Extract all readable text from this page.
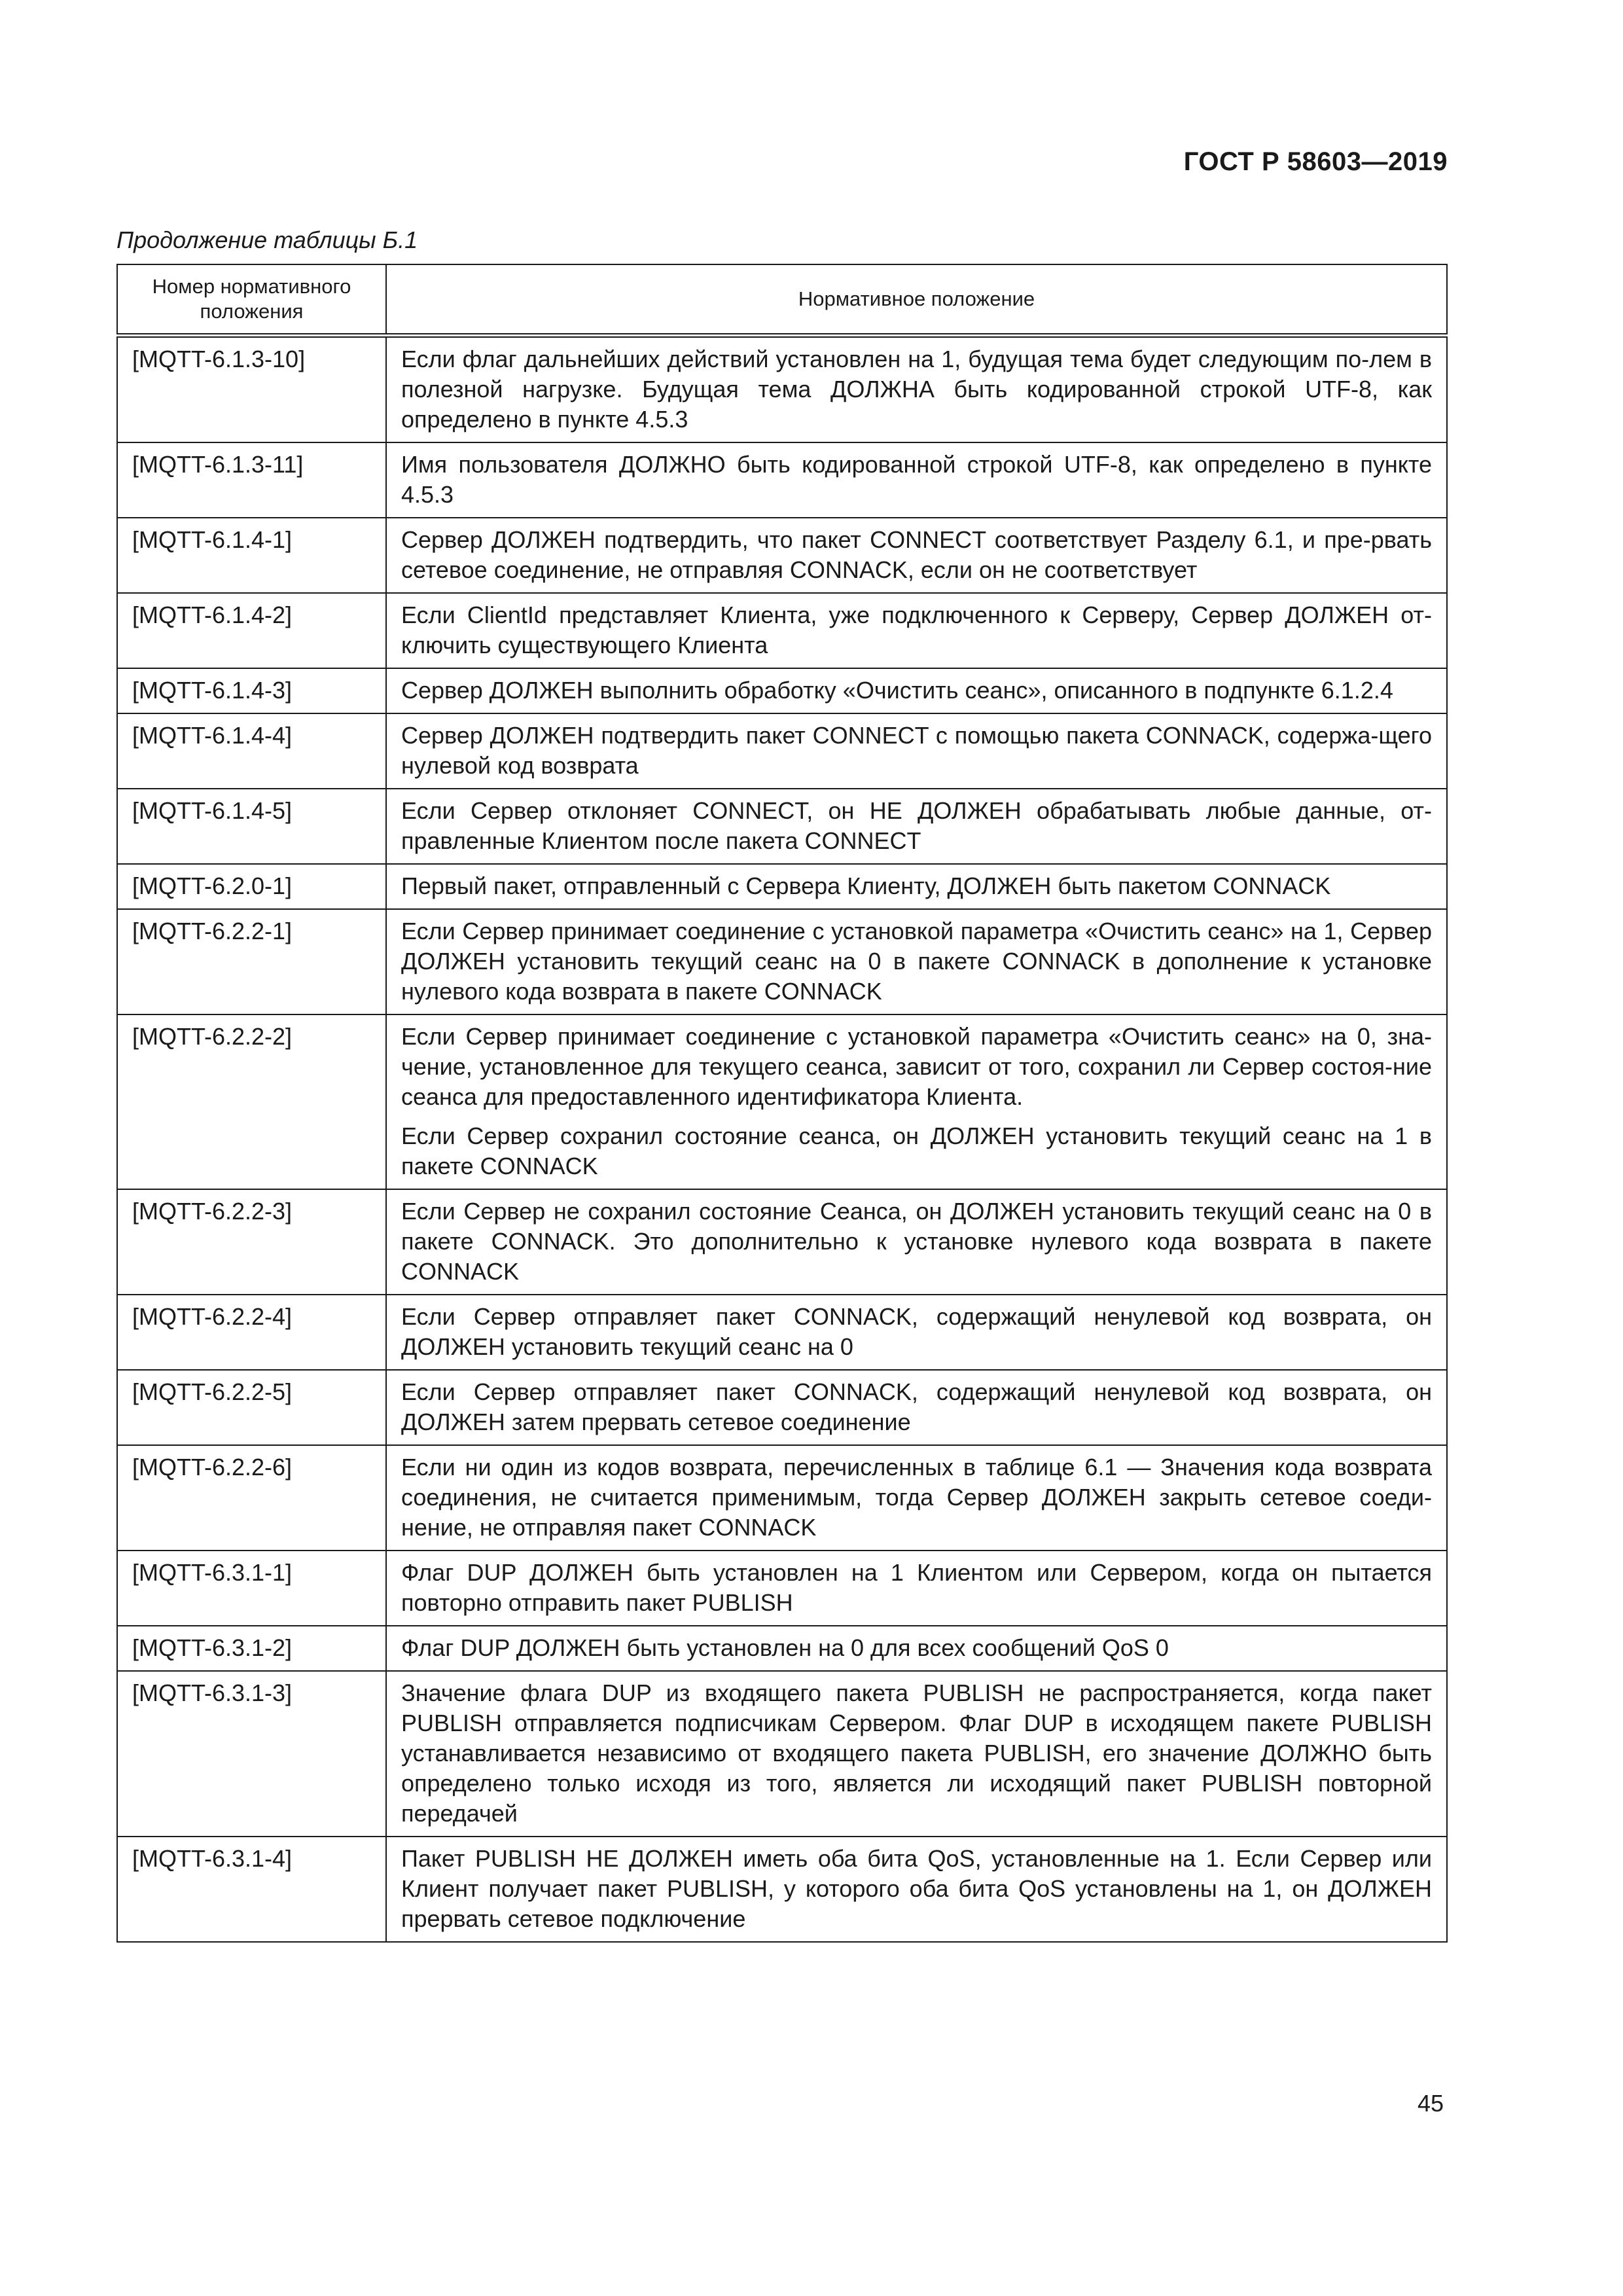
ГОСТ Р 58603—2019
Продолжение таблицы Б.1
Номер нормативного положения	Нормативное положение
[MQTT-6.1.3-10]	Если флаг дальнейших действий установлен на 1, будущая тема будет следующим по-лем в полезной нагрузке. Будущая тема ДОЛЖНА быть кодированной строкой UTF-8, как определено в пункте 4.5.3

[MQTT-6.1.3-11]	Имя пользователя ДОЛЖНО быть кодированной строкой UTF-8, как определено в пункте 4.5.3

[MQTT-6.1.4-1]	Сервер ДОЛЖЕН подтвердить, что пакет CONNECT соответствует Разделу 6.1, и пре-рвать сетевое соединение, не отправляя CONNACK, если он не соответствует

[MQTT-6.1.4-2]	Если ClientId представляет Клиента, уже подключенного к Серверу, Сервер ДОЛЖЕН от-ключить существующего Клиента

[MQTT-6.1.4-3]	Сервер ДОЛЖЕН выполнить обработку «Очистить сеанс», описанного в подпункте 6.1.2.4

[MQTT-6.1.4-4]	Сервер ДОЛЖЕН подтвердить пакет CONNECT с помощью пакета CONNACK, содержа-щего нулевой код возврата

[MQTT-6.1.4-5]	Если Сервер отклоняет CONNECT, он НЕ ДОЛЖЕН обрабатывать любые данные, от-правленные Клиентом после пакета CONNECT

[MQTT-6.2.0-1]	Первый пакет, отправленный с Сервера Клиенту, ДОЛЖЕН быть пакетом CONNACK

[MQTT-6.2.2-1]	Если Сервер принимает соединение с установкой параметра «Очистить сеанс» на 1, Сервер ДОЛЖЕН установить текущий сеанс на 0 в пакете CONNACK в дополнение к установке нулевого кода возврата в пакете CONNACK

[MQTT-6.2.2-2]	Если Сервер принимает соединение с установкой параметра «Очистить сеанс» на 0, зна-чение, установленное для текущего сеанса, зависит от того, сохранил ли Сервер состоя-ние сеанса для предоставленного идентификатора Клиента.

Если Сервер сохранил состояние сеанса, он ДОЛЖЕН установить текущий сеанс на 1 в пакете CONNACK

[MQTT-6.2.2-3]	Если Сервер не сохранил состояние Сеанса, он ДОЛЖЕН установить текущий сеанс на 0 в пакете CONNACK. Это дополнительно к установке нулевого кода возврата в пакете CONNACK

[MQTT-6.2.2-4]	Если Сервер отправляет пакет CONNACK, содержащий ненулевой код возврата, он ДОЛЖЕН установить текущий сеанс на 0

[MQTT-6.2.2-5]	Если Сервер отправляет пакет CONNACK, содержащий ненулевой код возврата, он ДОЛЖЕН затем прервать сетевое соединение

[MQTT-6.2.2-6]	Если ни один из кодов возврата, перечисленных в таблице 6.1 — Значения кода возврата соединения, не считается применимым, тогда Сервер ДОЛЖЕН закрыть сетевое соеди-нение, не отправляя пакет CONNACK

[MQTT-6.3.1-1]	Флаг DUP ДОЛЖЕН быть установлен на 1 Клиентом или Сервером, когда он пытается повторно отправить пакет PUBLISH

[MQTT-6.3.1-2]	Флаг DUP ДОЛЖЕН быть установлен на 0 для всех сообщений QoS 0

[MQTT-6.3.1-3]	Значение флага DUP из входящего пакета PUBLISH не распространяется, когда пакет PUBLISH отправляется подписчикам Сервером. Флаг DUP в исходящем пакете PUBLISH устанавливается независимо от входящего пакета PUBLISH, его значение ДОЛЖНО быть определено только исходя из того, является ли исходящий пакет PUBLISH повторной передачей

[MQTT-6.3.1-4]	Пакет PUBLISH НЕ ДОЛЖЕН иметь оба бита QoS, установленные на 1. Если Сервер или Клиент получает пакет PUBLISH, у которого оба бита QoS установлены на 1, он ДОЛЖЕН прервать сетевое подключение

45
